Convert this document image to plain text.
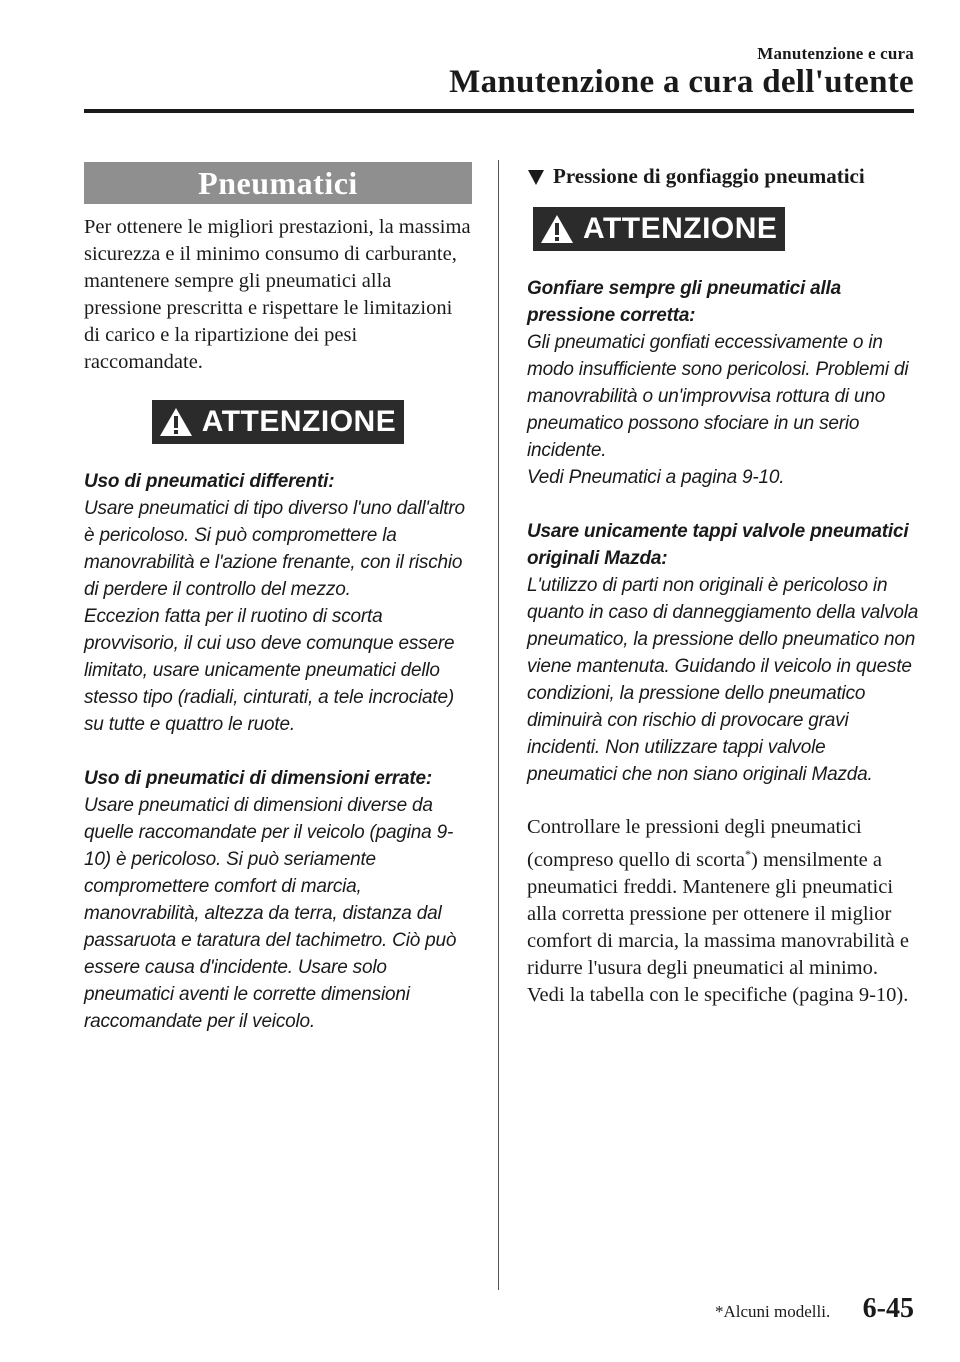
Manutenzione e cura
Manutenzione a cura dell'utente
Pneumatici

Per ottenere le migliori prestazioni, la massima sicurezza e il minimo consumo di carburante, mantenere sempre gli pneumatici alla pressione prescritta e rispettare le limitazioni di carico e la ripartizione dei pesi raccomandate.

ATTENZIONE

Uso di pneumatici differenti:

Usare pneumatici di tipo diverso l'uno dall'altro è pericoloso. Si può compromettere la manovrabilità e l'azione frenante, con il rischio di perdere il controllo del mezzo.

Eccezion fatta per il ruotino di scorta provvisorio, il cui uso deve comunque essere limitato, usare unicamente pneumatici dello stesso tipo (radiali, cinturati, a tele incrociate) su tutte e quattro le ruote.

Uso di pneumatici di dimensioni errate:

Usare pneumatici di dimensioni diverse da quelle raccomandate per il veicolo (pagina 9-10) è pericoloso. Si può seriamente compromettere comfort di marcia, manovrabilità, altezza da terra, distanza dal passaruota e taratura del tachimetro. Ciò può essere causa d'incidente. Usare solo pneumatici aventi le corrette dimensioni raccomandate per il veicolo.

Pressione di gonfiaggio pneumatici
ATTENZIONE

Gonfiare sempre gli pneumatici alla pressione corretta:

Gli pneumatici gonfiati eccessivamente o in modo insufficiente sono pericolosi. Problemi di manovrabilità o un'improvvisa rottura di uno pneumatico possono sfociare in un serio incidente.

Vedi Pneumatici a pagina 9-10.

Usare unicamente tappi valvole pneumatici originali Mazda:

L'utilizzo di parti non originali è pericoloso in quanto in caso di danneggiamento della valvola pneumatico, la pressione dello pneumatico non viene mantenuta. Guidando il veicolo in queste condizioni, la pressione dello pneumatico diminuirà con rischio di provocare gravi incidenti. Non utilizzare tappi valvole pneumatici che non siano originali Mazda.

Controllare le pressioni degli pneumatici (compreso quello di scorta*) mensilmente a pneumatici freddi. Mantenere gli pneumatici alla corretta pressione per ottenere il miglior comfort di marcia, la massima manovrabilità e ridurre l'usura degli pneumatici al minimo.
Vedi la tabella con le specifiche (pagina 9-10).
*Alcuni modelli. 6-45
